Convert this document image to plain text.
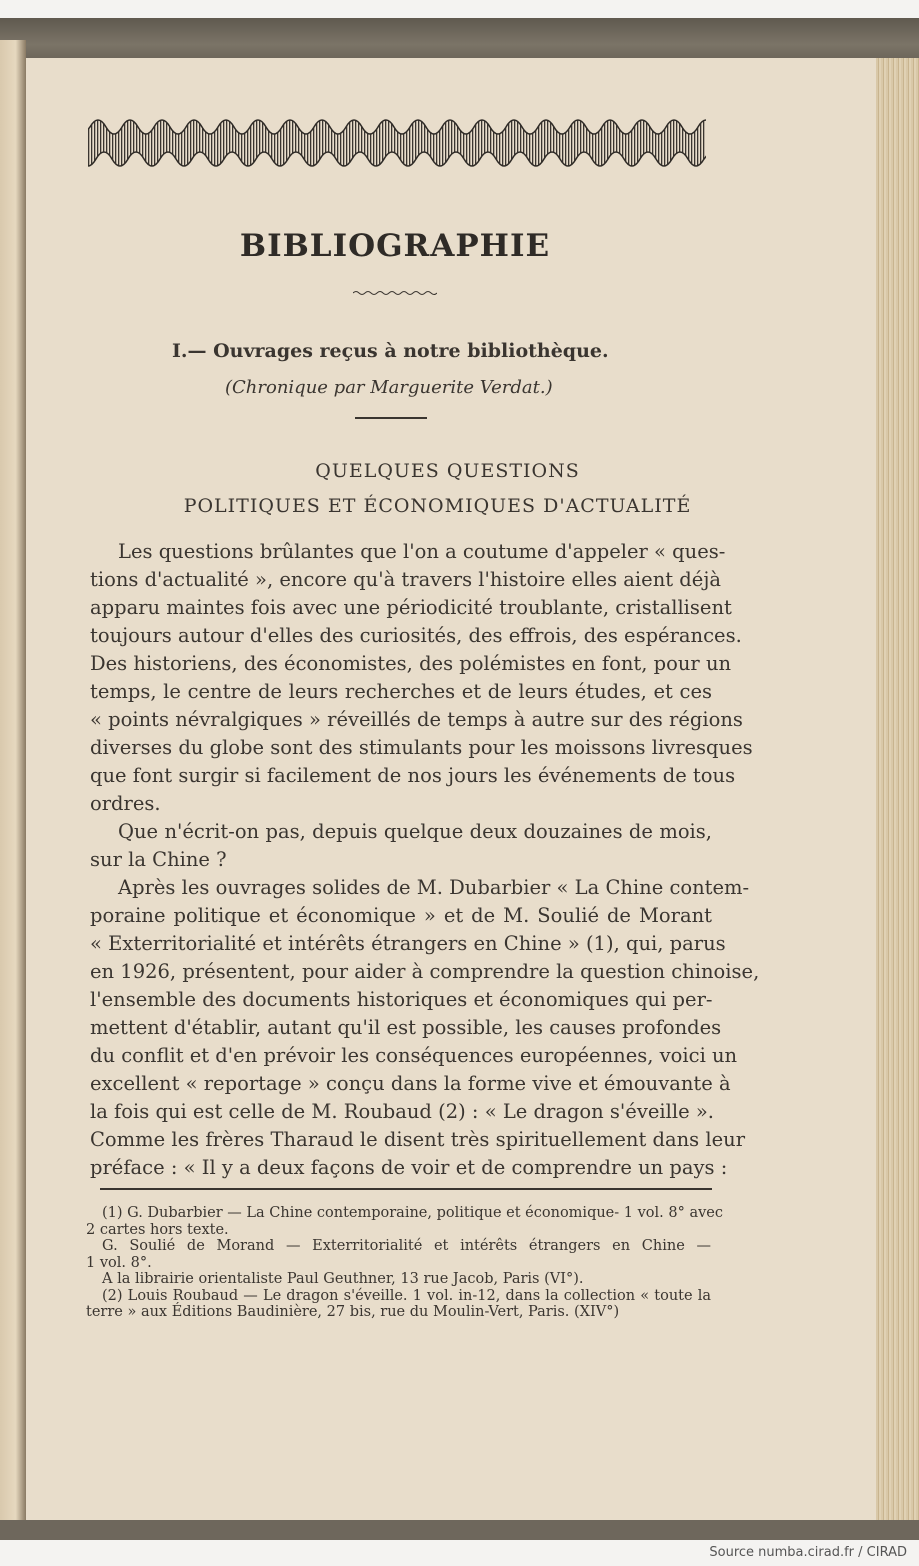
BIBLIOGRAPHIE
I.— Ouvrages reçus à notre bibliothèque.
(Chronique par Marguerite Verdat.)
QUELQUES QUESTIONS
POLITIQUES ET ÉCONOMIQUES D'ACTUALITÉ
Les questions brûlantes que l'on a coutume d'appeler « ques-
tions d'actualité », encore qu'à travers l'histoire elles aient déjà
apparu maintes fois avec une périodicité troublante, cristallisent
toujours autour d'elles des curiosités, des effrois, des espérances.
Des historiens, des économistes, des polémistes en font, pour un
temps, le centre de leurs recherches et de leurs études, et ces
« points névralgiques » réveillés de temps à autre sur des régions
diverses du globe sont des stimulants pour les moissons livresques
que font surgir si facilement de nos jours les événements de tous
ordres.
Que n'écrit-on pas, depuis quelque deux douzaines de mois,
sur la Chine ?
Après les ouvrages solides de M. Dubarbier « La Chine contem-
poraine politique et économique » et de M. Soulié de Morant
« Exterritorialité et intérêts étrangers en Chine » (1), qui, parus
en 1926, présentent, pour aider à comprendre la question chinoise,
l'ensemble des documents historiques et économiques qui per-
mettent d'établir, autant qu'il est possible, les causes profondes
du conflit et d'en prévoir les conséquences européennes, voici un
excellent « reportage » conçu dans la forme vive et émouvante à
la fois qui est celle de M. Roubaud (2) : « Le dragon s'éveille ».
Comme les frères Tharaud le disent très spirituellement dans leur
préface : « Il y a deux façons de voir et de comprendre un pays :
(1) G. Dubarbier — La Chine contemporaine, politique et économique- 1 vol. 8° avec
2 cartes hors texte.
G. Soulié de Morand — Exterritorialité et intérêts étrangers en Chine —
1 vol. 8°.
A la librairie orientaliste Paul Geuthner, 13 rue Jacob, Paris (VI°).
(2) Louis Roubaud — Le dragon s'éveille. 1 vol. in-12, dans la collection « toute la
terre » aux Éditions Baudinière, 27 bis, rue du Moulin-Vert, Paris. (XIV°)
Source numba.cirad.fr / CIRAD
